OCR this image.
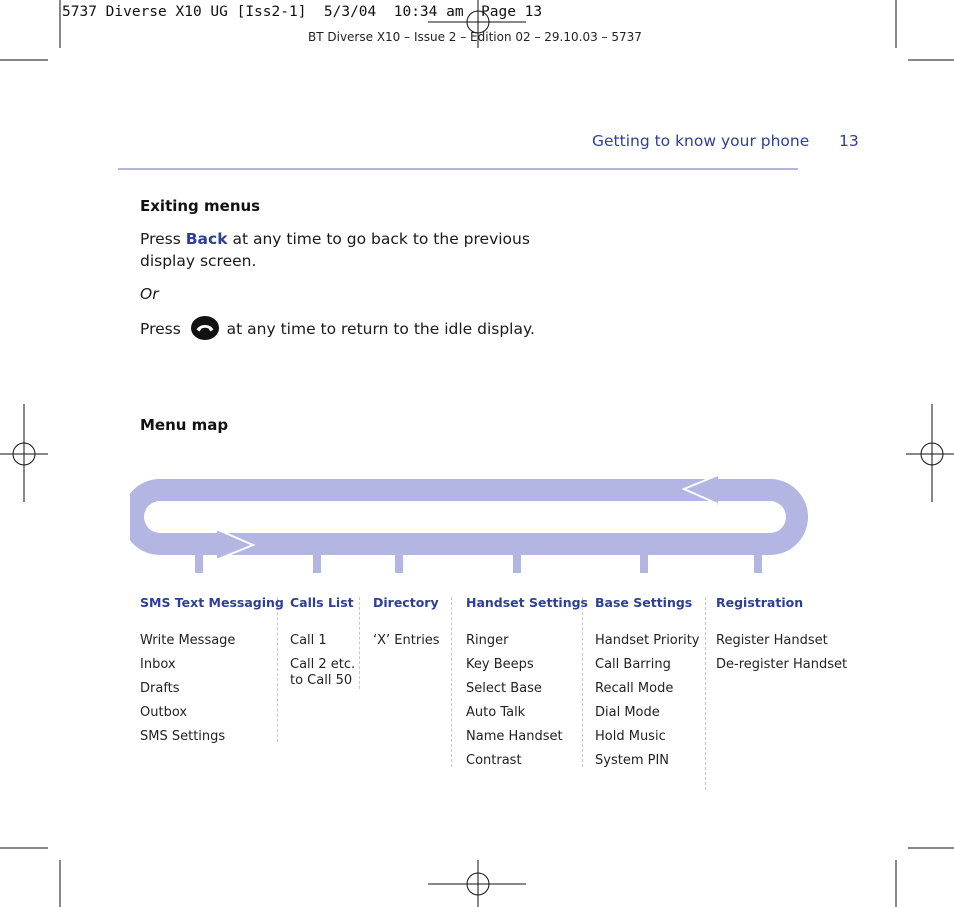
5737 Diverse X10 UG [Iss2-1]  5/3/04  10:34 am  Page 13
BT Diverse X10 – Issue 2 – Edition 02 – 29.10.03 – 5737
Getting to know your phone 13
Exiting menus
Press Back at any time to go back to the previous
display screen.
Or
Press	at any time to return to the idle display.
Menu map
SMS Text Messaging
Write Message
Inbox
Drafts
Outbox
SMS Settings
Calls List
Call 1
Call 2 etc.
to Call 50
Directory
‘X’ Entries
Handset Settings
Ringer
Key Beeps
Select Base
Auto Talk
Name Handset
Contrast
Base Settings
Handset Priority
Call Barring
Recall Mode
Dial Mode
Hold Music
System PIN
Registration
Register Handset
De-register Handset
